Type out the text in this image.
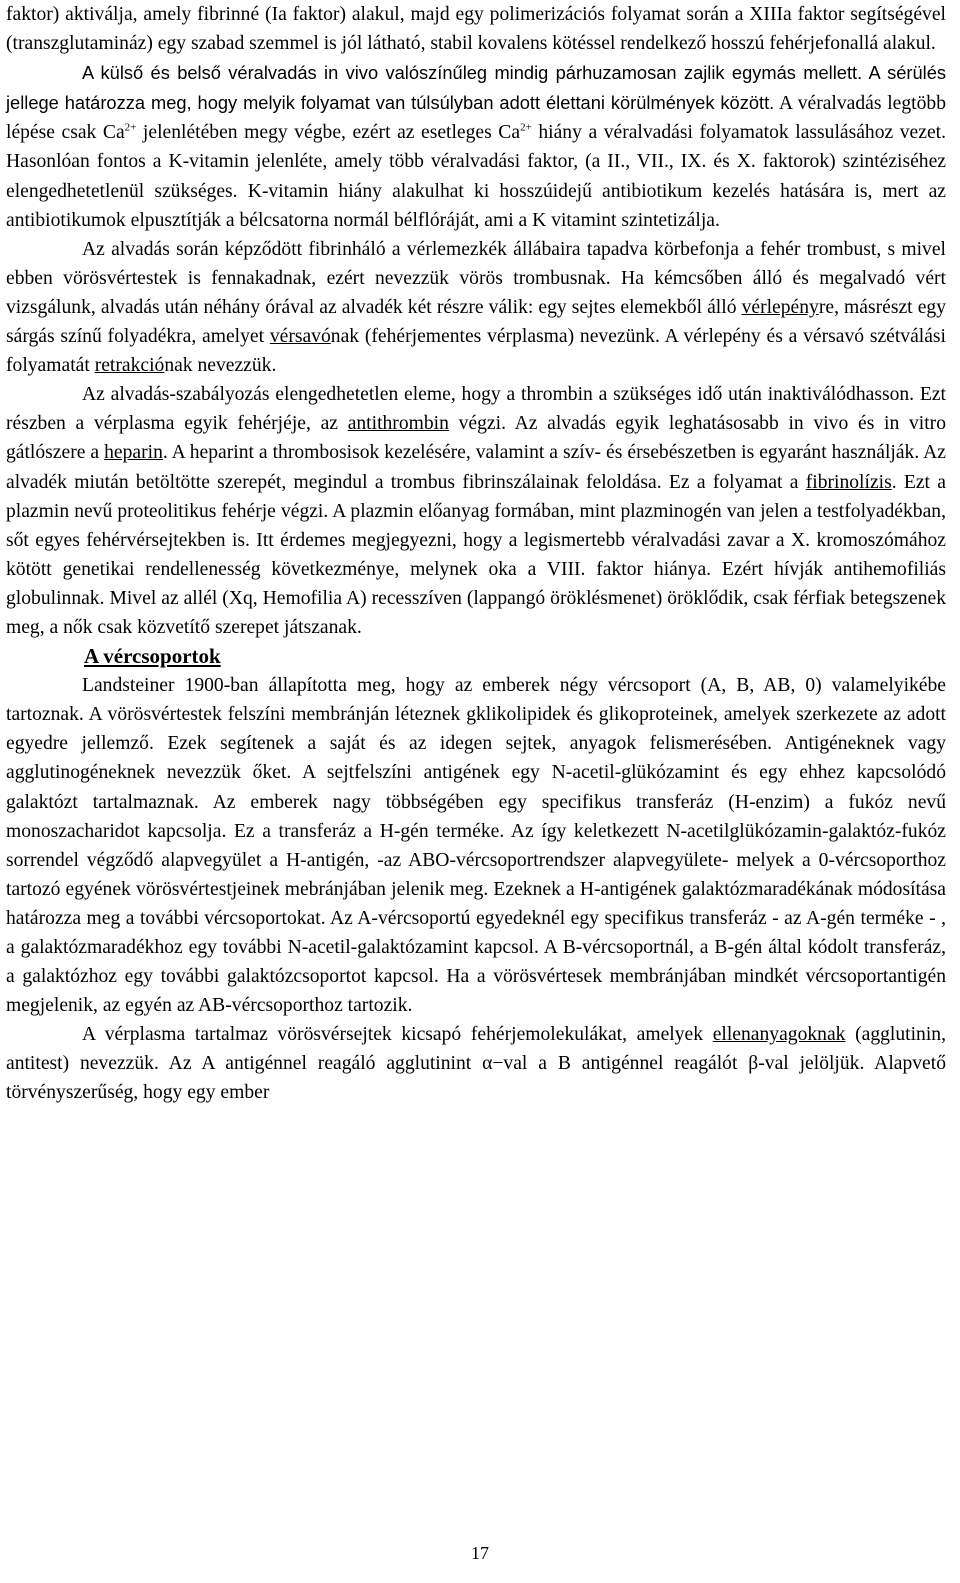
faktor) aktiválja, amely fibrinné (Ia faktor) alakul, majd egy polimerizációs folyamat során a XIIIa faktor segítségével (transzglutamináz) egy szabad szemmel is jól látható, stabil kovalens kötéssel rendelkező hosszú fehérjefonallá alakul.
A külső és belső véralvadás in vivo valószínűleg mindig párhuzamosan zajlik egymás mellett. A sérülés jellege határozza meg, hogy melyik folyamat van túlsúlyban adott élettani körülmények között. A véralvadás legtöbb lépése csak $Ca^{2+}$ jelenlétében megy végbe, ezért az esetleges $Ca^{2+}$ hiány a véralvadási folyamatok lassulásához vezet. Hasonlóan fontos a K-vitamin jelenléte, amely több véralvadási faktor, (a II., VII., IX. és X. faktorok) szintéziséhez elengedhetetlenül szükséges. K-vitamin hiány alakulhat ki hosszúidejű antibiotikum kezelés hatására is, mert az antibiotikumok elpusztítják a bélcsatorna normál bélflóráját, ami a K vitamint szintetizálja.

Az alvadás során képződött fibrinháló a vérlemezkék állábaira tapadva körbefonja a fehér trombust, s mivel ebben vörösvértestek is fennakadnak, ezért nevezzük vörös trombusnak. Ha kémcsőben álló és megalvadó vért vizsgálunk, alvadás után néhány órával az alvadék két részre válik: egy sejtes elemekből álló vérlepényre, másrészt egy sárgás színű folyadékra, amelyet vérsavónak (fehérjementes vérplasma) nevezünk. A vérlepény és a vérsavó szétválási folyamatát retrakciónak nevezzük.

Az alvadás-szabályozás elengedhetetlen eleme, hogy a thrombin a szükséges idő után inaktiválódhasson. Ezt részben a vérplasma egyik fehérjéje, az antithrombin végzi. Az alvadás egyik leghatásosabb in vivo és in vitro gátlószere a heparin. A heparint a thrombosisok kezelésére, valamint a szív- és érsebészetben is egyaránt használják. Az alvadék miután betöltötte szerepét, megindul a trombus fibrinszálainak feloldása. Ez a folyamat a fibrinolízis. Ezt a plazmin nevű proteolitikus fehérje végzi. A plazmin előanyag formában, mint plazminogén van jelen a testfolyadékban, sőt egyes fehérvérsejtekben is. Itt érdemes megjegyezni, hogy a legismertebb véralvadási zavar a X. kromoszómához kötött genetikai rendellenesség következménye, melynek oka a VIII. faktor hiánya. Ezért hívják antihemofiliás globulinnak. Mivel az allél (Xq, Hemofilia A) recesszíven (lappangó öröklésmenet) öröklődik, csak férfiak betegszenek meg, a nők csak közvetítő szerepet játszanak.

A vércsoportok

Landsteiner 1900-ban állapította meg, hogy az emberek négy vércsoport (A, B, AB, 0) valamelyikébe tartoznak. A vörösvértestek felszíni membránján léteznek gklikolipidek és glikoproteinek, amelyek szerkezete az adott egyedre jellemző. Ezek segítenek a saját és az idegen sejtek, anyagok felismerésében. Antigéneknek vagy agglutinogéneknek nevezzük őket. A sejtfelszíni antigének egy N-acetil-glükózamint és egy ehhez kapcsolódó galaktózt tartalmaznak. Az emberek nagy többségében egy specifikus transferáz (H-enzim) a fukóz nevű monoszacharidot kapcsolja. Ez a transferáz a H-gén terméke. Az így keletkezett N-acetilglükózamin-galaktóz-fukóz sorrendel végződő alapvegyület a H-antigén, -az ABO-vércsoportrendszer alapvegyülete- melyek a 0-vércsoporthoz tartozó egyének vörösvértestjeinek mebránjában jelenik meg. Ezeknek a H-antigének galaktózmaradékának módosítása határozza meg a további vércsoportokat. Az A-vércsoportú egyedeknél egy specifikus transferáz - az A-gén terméke - , a galaktózmaradékhoz egy további N-acetil-galaktózamint kapcsol. A B-vércsoportnál, a B-gén által kódolt transferáz, a galaktózhoz egy további galaktózcsoportot kapcsol. Ha a vörösvértesek membránjában mindkét vércsoportantigén megjelenik, az egyén az AB-vércsoporthoz tartozik.

A vérplasma tartalmaz vörösvérsejtek kicsapó fehérjemolekulákat, amelyek ellenanyagoknak (agglutinin, antitest) nevezzük. Az A antigénnel reagáló agglutinint α−val a B antigénnel reagálót β-val jelöljük. Alapvető törvényszerűség, hogy egy ember

17
